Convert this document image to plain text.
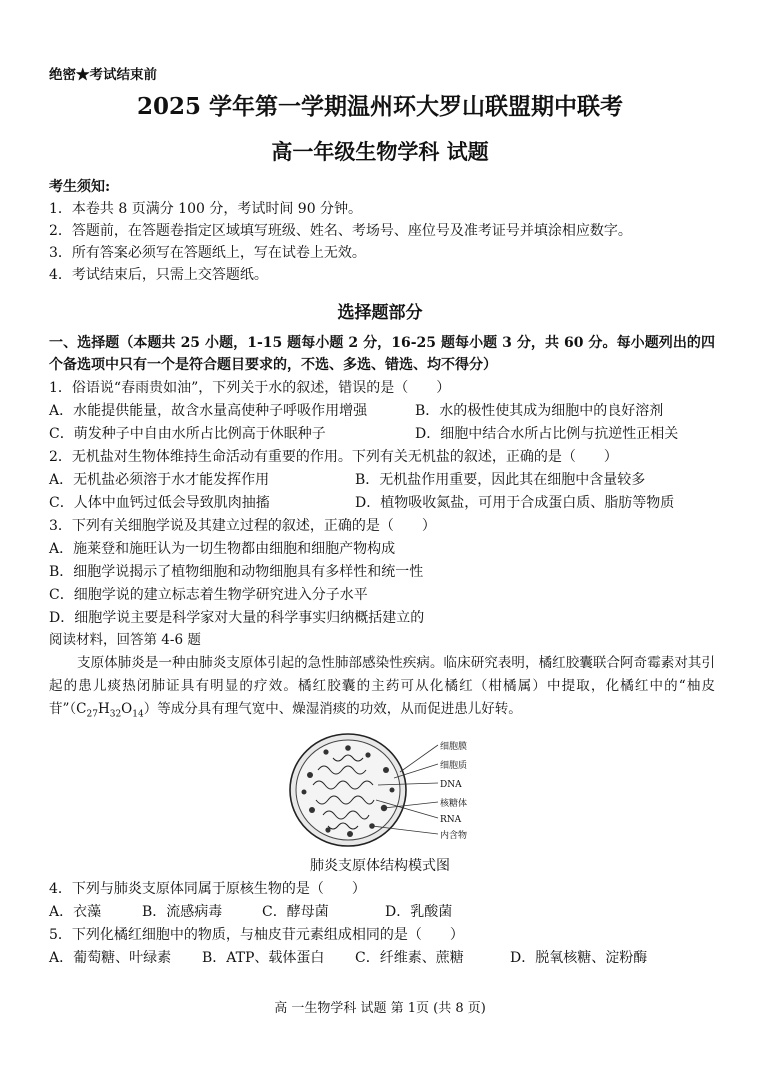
绝密★考试结束前
2025 学年第一学期温州环大罗山联盟期中联考
高一年级生物学科 试题
考生须知:
1．本卷共 8 页满分 100 分，考试时间 90 分钟。
2．答题前，在答题卷指定区域填写班级、姓名、考场号、座位号及准考证号并填涂相应数字。
3．所有答案必须写在答题纸上，写在试卷上无效。
4．考试结束后，只需上交答题纸。
选择题部分
一、选择题（本题共 25 小题，1-15 题每小题 2 分，16-25 题每小题 3 分，共 60 分。每小题列出的四个备选项中只有一个是符合题目要求的，不选、多选、错选、均不得分）
1．俗语说“春雨贵如油”，下列关于水的叙述，错误的是（　　）
A．水能提供能量，故含水量高使种子呼吸作用增强	B．水的极性使其成为细胞中的良好溶剂
C．萌发种子中自由水所占比例高于休眠种子	D．细胞中结合水所占比例与抗逆性正相关
2．无机盐对生物体维持生命活动有重要的作用。下列有关无机盐的叙述，正确的是（　　）
A．无机盐必须溶于水才能发挥作用	B．无机盐作用重要，因此其在细胞中含量较多
C．人体中血钙过低会导致肌肉抽搐	D．植物吸收氮盐，可用于合成蛋白质、脂肪等物质
3．下列有关细胞学说及其建立过程的叙述，正确的是（　　）
A．施莱登和施旺认为一切生物都由细胞和细胞产物构成
B．细胞学说揭示了植物细胞和动物细胞具有多样性和统一性
C．细胞学说的建立标志着生物学研究进入分子水平
D．细胞学说主要是科学家对大量的科学事实归纳概括建立的
阅读材料，回答第 4-6 题
支原体肺炎是一种由肺炎支原体引起的急性肺部感染性疾病。临床研究表明，橘红胶囊联合阿奇霉素对其引起的患儿痰热闭肺证具有明显的疗效。橘红胶囊的主药可从化橘红（柑橘属）中提取，化橘红中的“柚皮苷$”(C_{27}H_{32}O_{14})$等成分具有理气宽中、燥湿消痰的功效，从而促进患儿好转。
细胞膜
细胞质
DNA
核糖体
RNA
内含物
肺炎支原体结构模式图
4．下列与肺炎支原体同属于原核生物的是（　　）
A．衣藻	B．流感病毒	C．酵母菌	D．乳酸菌
5．下列化橘红细胞中的物质，与柚皮苷元素组成相同的是（　　）
A．葡萄糖、叶绿素 B．ATP、载体蛋白 C．纤维素、蔗糖	D．脱氧核糖、淀粉酶
高 一生物学科 试题 第 1页 (共 8 页)
